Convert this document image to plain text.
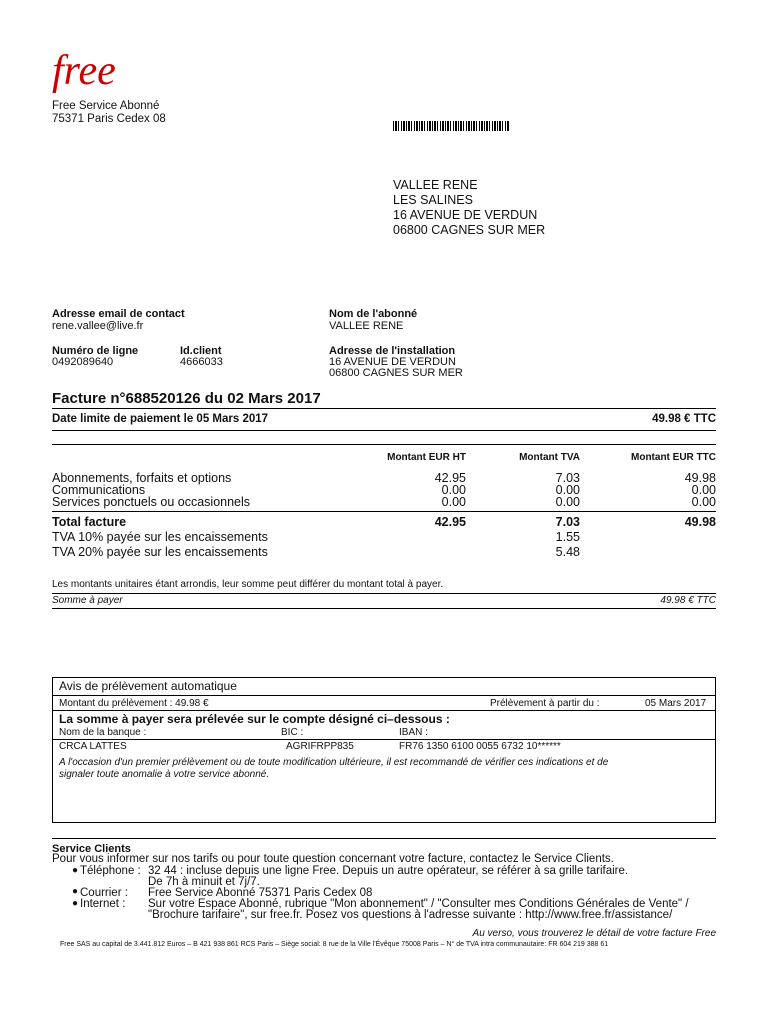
free
Free Service Abonné
75371 Paris Cedex 08
VALLEE RENE
LES SALINES
16 AVENUE DE VERDUN
06800 CAGNES SUR MER
Adresse email de contact
rene.vallee@live.fr
Nom de l'abonné
VALLEE RENE
Numéro de ligne
0492089640
Id.client
4666033
Adresse de l'installation
16 AVENUE DE VERDUN
06800 CAGNES SUR MER
Facture n°688520126 du 02 Mars 2017
Date limite de paiement le 05 Mars 2017	49.98 € TTC
Montant EUR HT	Montant TVA	Montant EUR TTC
Abonnements, forfaits et options	42.95	7.03	49.98
Communications	0.00	0.00	0.00
Services ponctuels ou occasionnels	0.00	0.00	0.00
Total facture	42.95	7.03	49.98
TVA 10% payée sur les encaissements	1.55
TVA 20% payée sur les encaissements	5.48
Les montants unitaires étant arrondis, leur somme peut différer du montant total à payer.
Somme à payer	49.98 € TTC
Avis de prélèvement automatique
Montant du prélèvement : 49.98 €	Prélèvement à partir du :	05 Mars 2017
La somme à payer sera prélevée sur le compte désigné ci–dessous :
Nom de la banque :	BIC :	IBAN :
CRCA LATTES	AGRIFRPP835	FR76 1350 6100 0055 6732 10******
A l'occasion d'un premier prélèvement ou de toute modification ultérieure, il est recommandé de vérifier ces indications et de
signaler toute anomalie à votre service abonné.
Service Clients
Pour vous informer sur nos tarifs ou pour toute question concernant votre facture, contactez le Service Clients.
● Téléphone : 32 44 : incluse depuis une ligne Free. Depuis un autre opérateur, se référer à sa grille tarifaire.
De 7h à minuit et 7j/7.
● Courrier : Free Service Abonné 75371 Paris Cedex 08
● Internet : Sur votre Espace Abonné, rubrique "Mon abonnement" / "Consulter mes Conditions Générales de Vente" /
"Brochure tarifaire", sur free.fr. Posez vos questions à l'adresse suivante : http://www.free.fr/assistance/
Au verso, vous trouverez le détail de votre facture Free
Free SAS au capital de 3.441.812 Euros – B 421 938 861 RCS Paris – Siège social: 8 rue de la Ville l'Évêque 75008 Paris – N° de TVA intra communautaire: FR 604 219 388 61
